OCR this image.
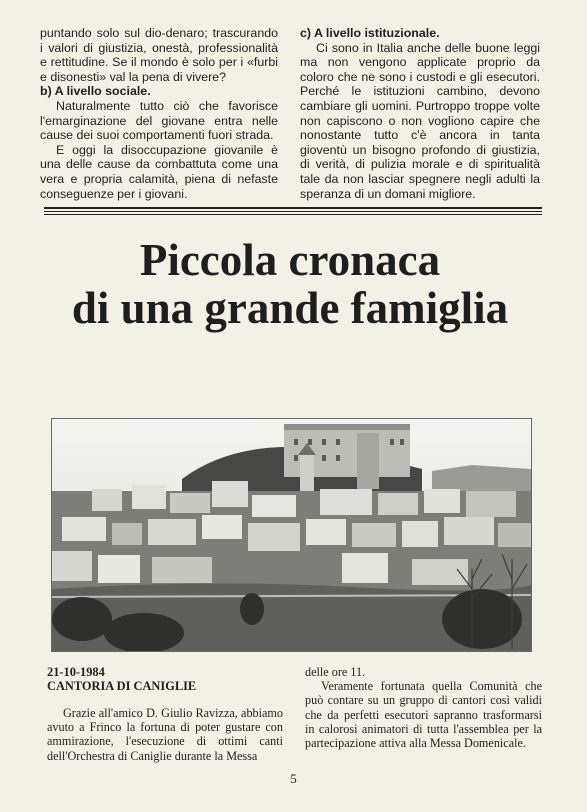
puntando solo sul dio-denaro; trascurando i valori di giustizia, onestà, professionalità e rettitudine. Se il mondo è solo per i «furbi e disonesti» val la pena di vivere?

b) A livello sociale.

Naturalmente tutto ciò che favorisce l'emarginazione del giovane entra nelle cause dei suoi comportamenti fuori strada.

E oggi la disoccupazione giovanile è una delle cause da combattuta come una vera e propria calamità, piena di nefaste conseguenze per i giovani.

c) A livello istituzionale.

Ci sono in Italia anche delle buone leggi ma non vengono applicate proprio da coloro che ne sono i custodi e gli esecutori. Perché le istituzioni cambino, devono cambiare gli uomini. Purtroppo troppe volte non capiscono o non vogliono capire che nonostante tutto c'è ancora in tanta gioventù un bisogno profondo di giustizia, di verità, di pulizia morale e di spiritualità tale da non lasciar spegnere negli adulti la speranza di un domani migliore.

Piccola cronaca
di una grande famiglia
21-10-1984
CANTORIA DI CANIGLIE

Grazie all'amico D. Giulio Ravizza, abbiamo avuto a Frinco la fortuna di poter gustare con ammirazione, l'esecuzione di ottimi canti dell'Orchestra di Caniglie durante la Messa

delle ore 11.

Veramente fortunata quella Comunità che può contare su un gruppo di cantori così validi che da perfetti esecutori sapranno trasformarsi in calorosi animatori di tutta l'assemblea per la partecipazione attiva alla Messa Domenicale.

5
